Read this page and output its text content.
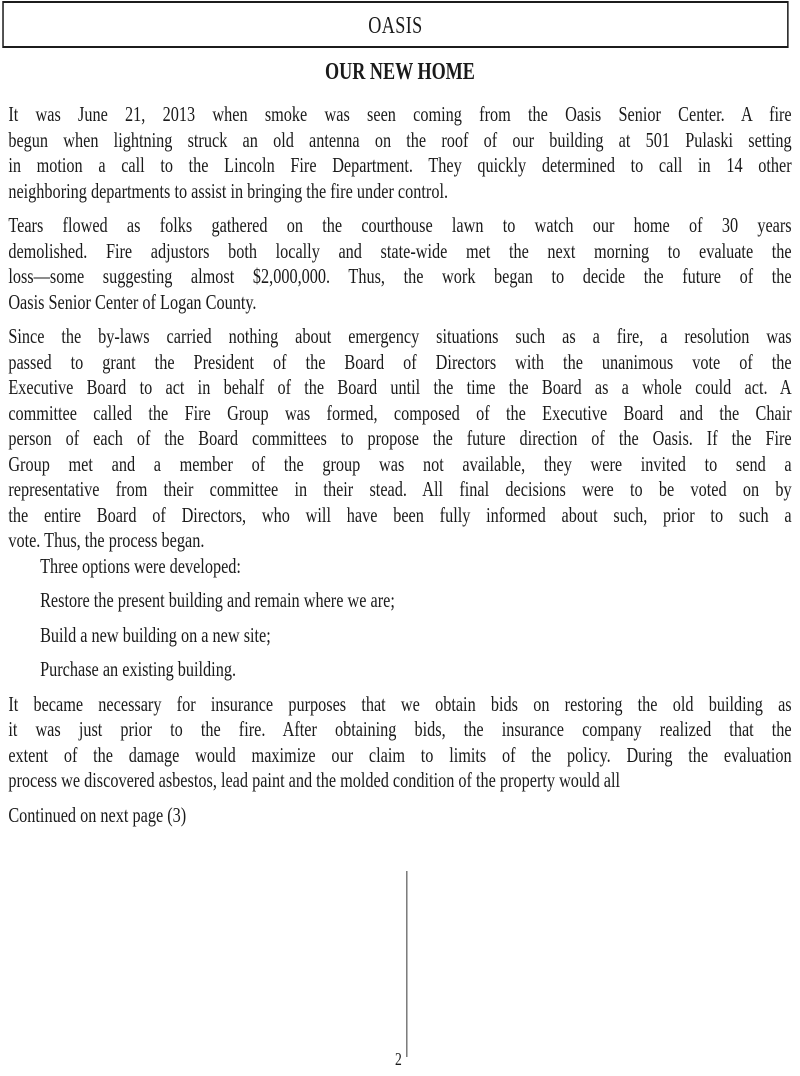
OASIS
OUR NEW HOME
It was June 21, 2013 when smoke was seen coming from the Oasis Senior Center. A fire
begun when lightning struck an old antenna on the roof of our building at 501 Pulaski setting
in motion a call to the Lincoln Fire Department. They quickly determined to call in 14 other
neighboring departments to assist in bringing the fire under control.
Tears flowed as folks gathered on the courthouse lawn to watch our home of 30 years
demolished. Fire adjustors both locally and state-wide met the next morning to evaluate the
loss—some suggesting almost $2,000,000. Thus, the work began to decide the future of the
Oasis Senior Center of Logan County.
Since the by-laws carried nothing about emergency situations such as a fire, a resolution was
passed to grant the President of the Board of Directors with the unanimous vote of the
Executive Board to act in behalf of the Board until the time the Board as a whole could act. A
committee called the Fire Group was formed, composed of the Executive Board and the Chair
person of each of the Board committees to propose the future direction of the Oasis. If the Fire
Group met and a member of the group was not available, they were invited to send a
representative from their committee in their stead. All final decisions were to be voted on by
the entire Board of Directors, who will have been fully informed about such, prior to such a
vote. Thus, the process began.
Three options were developed:
Restore the present building and remain where we are;
Build a new building on a new site;
Purchase an existing building.
It became necessary for insurance purposes that we obtain bids on restoring the old building as
it was just prior to the fire. After obtaining bids, the insurance company realized that the
extent of the damage would maximize our claim to limits of the policy. During the evaluation
process we discovered asbestos, lead paint and the molded condition of the property would all
Continued on next page (3)
2
